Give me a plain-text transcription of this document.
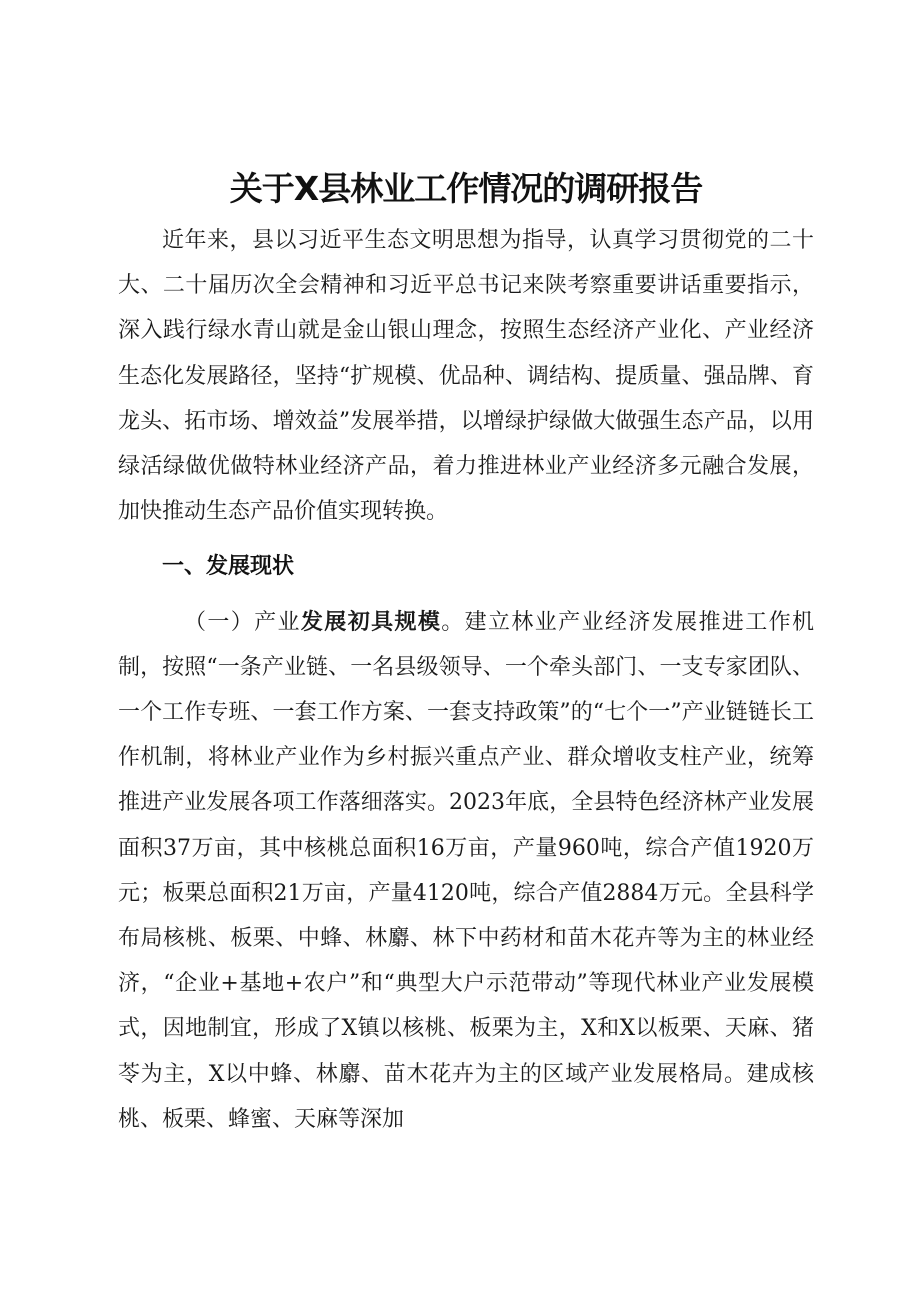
关于X县林业工作情况的调研报告

近年来，县以习近平生态文明思想为指导，认真学习贯彻党的二十大、二十届历次全会精神和习近平总书记来陕考察重要讲话重要指示，深入践行绿水青山就是金山银山理念，按照生态经济产业化、产业经济生态化发展路径，坚持“扩规模、优品种、调结构、提质量、强品牌、育龙头、拓市场、增效益”发展举措，以增绿护绿做大做强生态产品，以用绿活绿做优做特林业经济产品，着力推进林业产业经济多元融合发展，加快推动生态产品价值实现转换。

一、发展现状

（一）产业发展初具规模。建立林业产业经济发展推进工作机制，按照“一条产业链、一名县级领导、一个牵头部门、一支专家团队、一个工作专班、一套工作方案、一套支持政策”的“七个一”产业链链长工作机制，将林业产业作为乡村振兴重点产业、群众增收支柱产业，统筹推进产业发展各项工作落细落实。2023年底，全县特色经济林产业发展面积37万亩，其中核桃总面积16万亩，产量960吨，综合产值1920万元；板栗总面积21万亩，产量4120吨，综合产值2884万元。全县科学布局核桃、板栗、中蜂、林麝、林下中药材和苗木花卉等为主的林业经济，“企业+基地+农户”和“典型大户示范带动”等现代林业产业发展模式，因地制宜，形成了X镇以核桃、板栗为主，X和X以板栗、天麻、猪苓为主，X以中蜂、林麝、苗木花卉为主的区域产业发展格局。建成核桃、板栗、蜂蜜、天麻等深加
